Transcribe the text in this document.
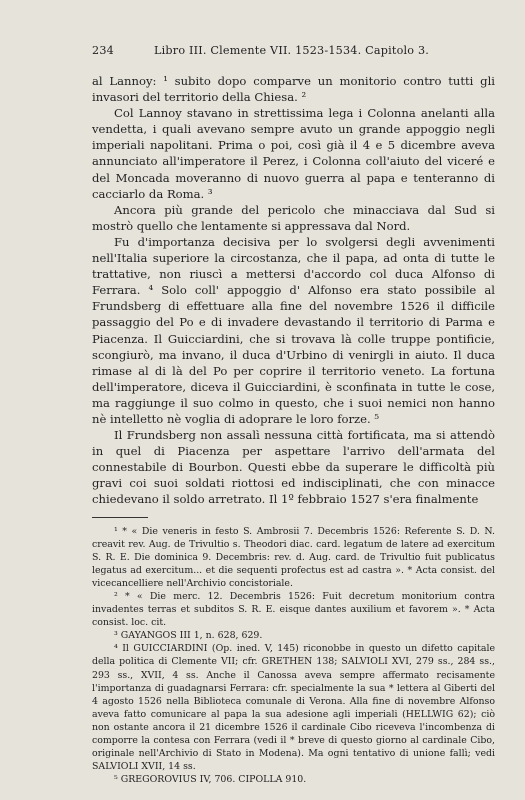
234	Libro III. Clemente VII. 1523-1534. Capitolo 3.

al Lannoy: ¹ subito dopo comparve un monitorio contro tutti gli invasori del territorio della Chiesa. ²

Col Lannoy stavano in strettissima lega i Colonna anelanti alla vendetta, i quali avevano sempre avuto un grande appoggio negli imperiali napolitani. Prima o poi, così già il 4 e 5 dicembre aveva annunciato all'imperatore il Perez, i Colonna coll'aiuto del viceré e del Moncada moveranno di nuovo guerra al papa e tenteranno di cacciarlo da Roma. ³

Ancora più grande del pericolo che minacciava dal Sud si mostrò quello che lentamente si appressava dal Nord.

Fu d'importanza decisiva per lo svolgersi degli avvenimenti nell'Italia superiore la circostanza, che il papa, ad onta di tutte le trattative, non riuscì a mettersi d'accordo col duca Alfonso di Ferrara. ⁴ Solo coll' appoggio d' Alfonso era stato possibile al Frundsberg di effettuare alla fine del novembre 1526 il difficile passaggio del Po e di invadere devastando il territorio di Parma e Piacenza. Il Guicciardini, che si trovava là colle truppe pontificie, scongiurò, ma invano, il duca d'Urbino di venirgli in aiuto. Il duca rimase al di là del Po per coprire il territorio veneto. La fortuna dell'imperatore, diceva il Guicciardini, è sconfinata in tutte le cose, ma raggiunge il suo colmo in questo, che i suoi nemici non hanno nè intelletto nè voglia di adoprare le loro forze. ⁵

Il Frundsberg non assalì nessuna città fortificata, ma si attendò in quel di Piacenza per aspettare l'arrivo dell'armata del connestabile di Bourbon. Questi ebbe da superare le difficoltà più gravi coi suoi soldati riottosi ed indisciplinati, che con minacce chiedevano il soldo arretrato. Il 1º febbraio 1527 s'era finalmente

¹ * « Die veneris in festo S. Ambrosii 7. Decembris 1526: Referente S. D. N. creavit rev. Aug. de Trivultio s. Theodori diac. card. legatum de latere ad exercitum S. R. E. Die dominica 9. Decembris: rev. d. Aug. card. de Trivultio fuit publicatus legatus ad exercitum... et die sequenti profectus est ad castra ». * Acta consist. del vicecancelliere nell'Archivio concistoriale.

² * « Die merc. 12. Decembris 1526: Fuit decretum monitorium contra invadentes terras et subditos S. R. E. eisque dantes auxilium et favorem ». * Acta consist. loc. cit.

³ GAYANGOS III 1, n. 628, 629.

⁴ Il GUICCIARDINI (Op. ined. V, 145) riconobbe in questo un difetto capitale della politica di Clemente VII; cfr. GRETHEN 138; SALVIOLI XVI, 279 ss., 284 ss., 293 ss., XVII, 4 ss. Anche il Canossa aveva sempre affermato recisamente l'importanza di guadagnarsi Ferrara: cfr. specialmente la sua * lettera al Giberti del 4 agosto 1526 nella Biblioteca comunale di Verona. Alla fine di novembre Alfonso aveva fatto comunicare al papa la sua adesione agli imperiali (HELLWIG 62); ciò non ostante ancora il 21 dicembre 1526 il cardinale Cibo riceveva l'incombenza di comporre la contesa con Ferrara (vedi il * breve di questo giorno al cardinale Cibo, originale nell'Archivio di Stato in Modena). Ma ogni tentativo di unione fallì; vedi SALVIOLI XVII, 14 ss.

⁵ GREGOROVIUS IV, 706. CIPOLLA 910.
